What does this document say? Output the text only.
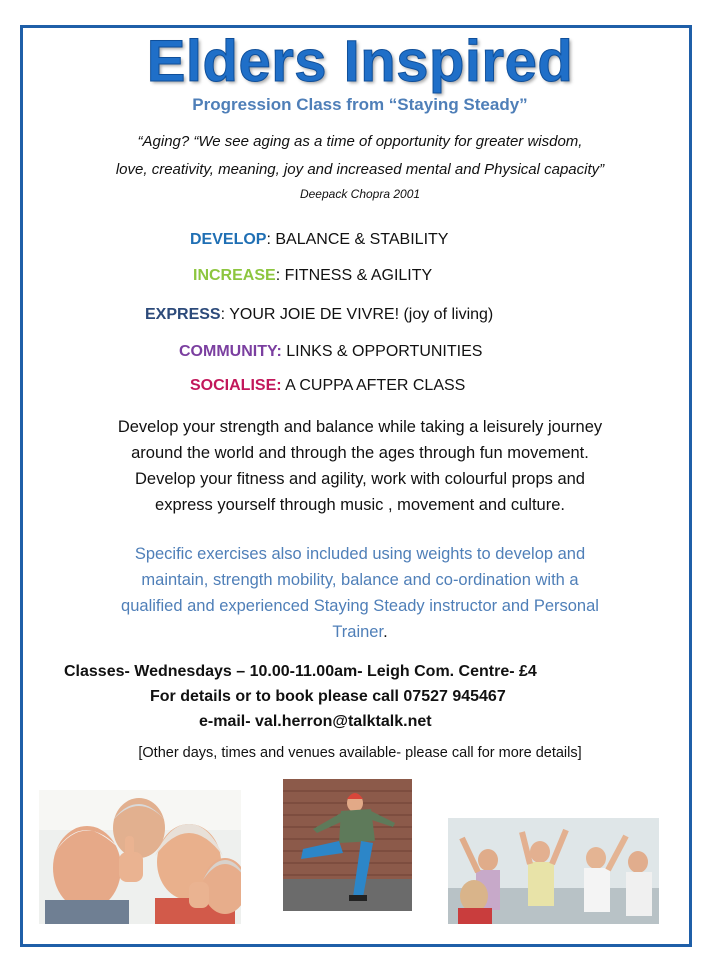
Elders Inspired
Progression Class from “Staying Steady”
“Aging? “We see aging as a time of opportunity for greater wisdom,
love, creativity, meaning, joy and increased mental and Physical capacity”
Deepack Chopra 2001
DEVELOP: BALANCE & STABILITY
INCREASE: FITNESS & AGILITY
EXPRESS: YOUR JOIE DE VIVRE! (joy of living)
COMMUNITY: LINKS & OPPORTUNITIES
SOCIALISE: A CUPPA AFTER CLASS
Develop your strength and balance while taking a leisurely journey
around the world and through the ages through fun movement.
Develop your fitness and agility, work with colourful props and
express yourself through music , movement and culture.
Specific exercises also included using weights to develop and
maintain, strength mobility, balance and co-ordination with a
qualified and experienced Staying Steady instructor and Personal
Trainer.
Classes- Wednesdays – 10.00-11.00am- Leigh Com. Centre- £4
For details or to book please call 07527 945467
e-mail- val.herron@talktalk.net
[Other days, times and venues available- please call for more details]
